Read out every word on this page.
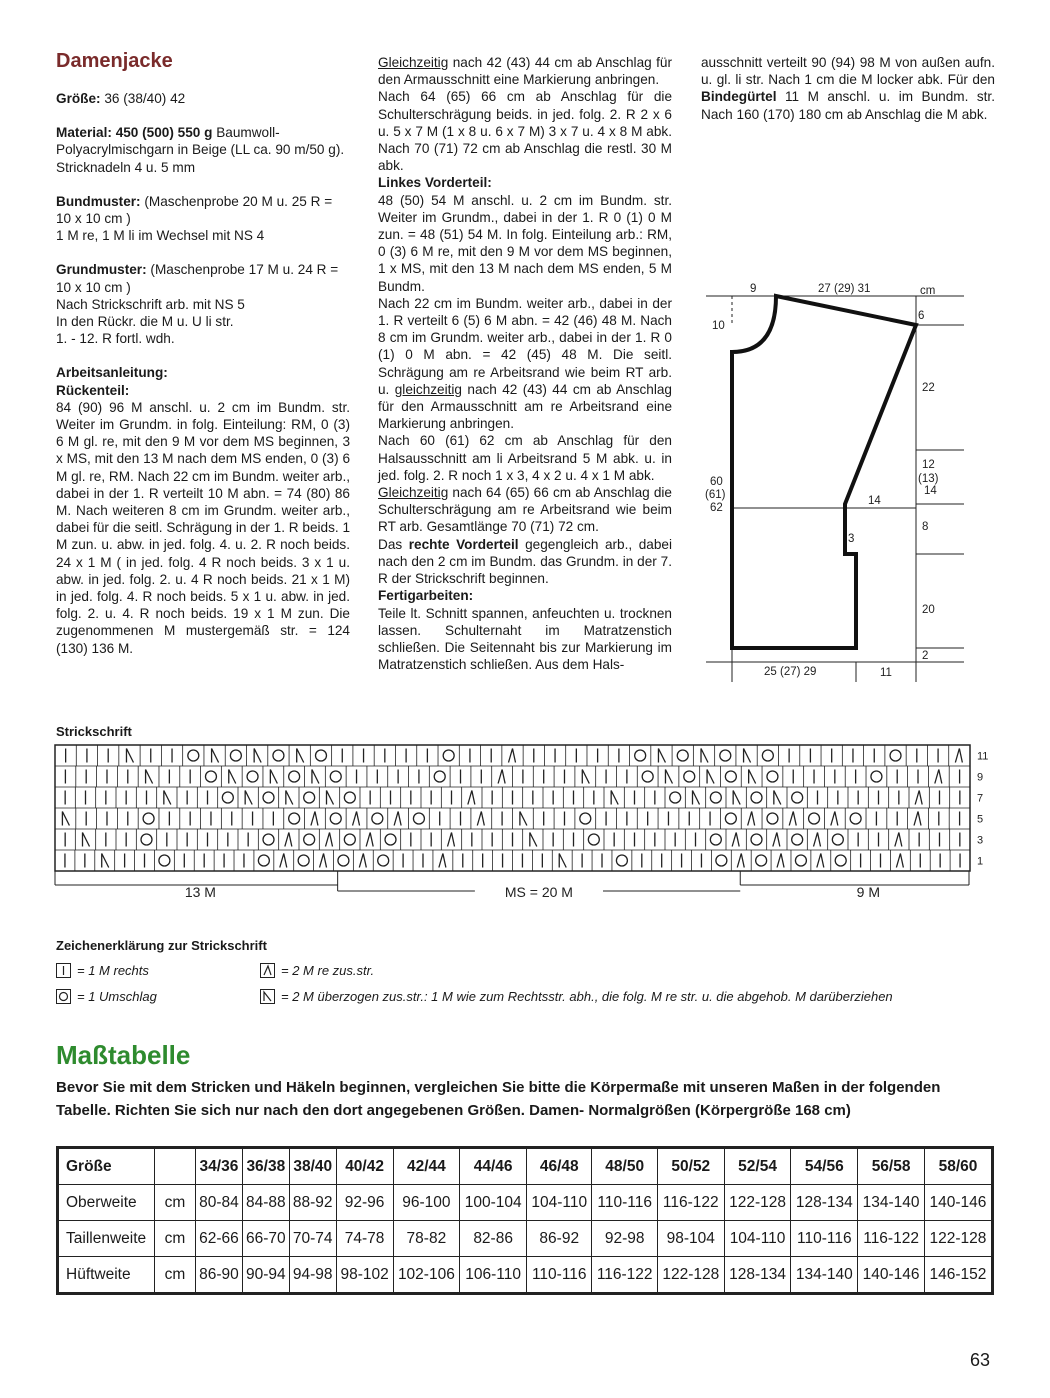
Damenjacke

Größe: 36 (38/40) 42

Material: 450 (500) 550 g Baumwoll-Polyacrylmischgarn in Beige (LL ca. 90 m/50 g). Stricknadeln 4 u. 5 mm

Bundmuster: (Maschenprobe 20 M u. 25 R = 10 x 10 cm )

1 M re, 1 M li im Wechsel mit NS 4

Grundmuster: (Maschenprobe 17 M u. 24 R = 10 x 10 cm )

Nach Strickschrift arb. mit NS 5

In den Rückr. die M u. U li str.

1. - 12. R fortl. wdh.

Arbeitsanleitung:

Rückenteil:

84 (90) 96 M anschl. u. 2 cm im Bundm. str. Weiter im Grundm. in folg. Einteilung: RM, 0 (3) 6 M gl. re, mit den 9 M vor dem MS beginnen, 3 x MS, mit den 13 M nach dem MS enden, 0 (3) 6 M gl. re, RM. Nach 22 cm im Bundm. weiter arb., dabei in der 1. R verteilt 10 M abn. = 74 (80) 86 M. Nach weiteren 8 cm im Grundm. weiter arb., dabei für die seitl. Schrägung in der 1. R beids. 1 M zun. u. abw. in jed. folg. 4. u. 2. R noch beids. 24 x 1 M ( in jed. folg. 4 R noch beids. 3 x 1 u. abw. in jed. folg. 2. u. 4 R noch beids. 21 x 1 M) in jed. folg. 4. R noch beids. 5 x 1 u. abw. in jed. folg. 2. u. 4. R noch beids. 19 x 1 M zun. Die zugenommenen M mustergemäß str. = 124 (130) 136 M.

Gleichzeitig nach 42 (43) 44 cm ab Anschlag für den Armausschnitt eine Markierung anbringen.

Nach 64 (65) 66 cm ab Anschlag für die Schulterschrägung beids. in jed. folg. 2. R 2 x 6 u. 5 x 7 M (1 x 8 u. 6 x 7 M) 3 x 7 u. 4 x 8 M abk. Nach 70 (71) 72 cm ab Anschlag die restl. 30 M abk.

Linkes Vorderteil:

48 (50) 54 M anschl. u. 2 cm im Bundm. str. Weiter im Grundm., dabei in der 1. R 0 (1) 0 M zun. = 48 (51) 54 M. In folg. Einteilung arb.: RM, 0 (3) 6 M re, mit den 9 M vor dem MS beginnen, 1 x MS, mit den 13 M nach dem MS enden, 5 M Bundm.

Nach 22 cm im Bundm. weiter arb., dabei in der 1. R verteilt 6 (5) 6 M abn. = 42 (46) 48 M. Nach 8 cm im Grundm. weiter arb., dabei in der 1. R 0 (1) 0 M abn. = 42 (45) 48 M. Die seitl. Schrägung am re Arbeitsrand wie beim RT arb. u. gleichzeitig nach 42 (43) 44 cm ab Anschlag für den Armausschnitt am re Arbeitsrand eine Markierung anbringen.

Nach 60 (61) 62 cm ab Anschlag für den Halsausschnitt am li Arbeitsrand 5 M abk. u. in jed. folg. 2. R noch 1 x 3, 4 x 2 u. 4 x 1 M abk.

Gleichzeitig nach 64 (65) 66 cm ab Anschlag die Schulterschrägung am re Arbeitsrand wie beim RT arb. Gesamtlänge 70 (71) 72 cm.

Das rechte Vorderteil gegengleich arb., dabei nach den 2 cm im Bundm. das Grundm. in der 7. R der Strickschrift beginnen.

Fertigarbeiten:

Teile lt. Schnitt spannen, anfeuchten u. trocknen lassen. Schulternaht im Matratzenstich schließen. Die Seitennaht bis zur Markierung im Matratzenstich schließen. Aus dem Hals-

ausschnitt verteilt 90 (94) 98 M von außen aufn. u. gl. li str. Nach 1 cm die M locker abk. Für den Bindegürtel 11 M anschl. u. im Bundm. str. Nach 160 (170) 180 cm ab Anschlag die M abk.

9	27 (29) 31	cm
10
6
22
12
(13)
14
14
60
(61)
62
8
3
20
2
25 (27) 29	11
Strickschrift
11
9
7
5
3
1
13 M	MS = 20 M	9 M
Zeichenerklärung zur Strickschrift
= 1 M rechts
= 1 Umschlag
= 2 M re zus.str.
= 2 M überzogen zus.str.: 1 M wie zum Rechtsstr. abh., die folg. M re str. u. die abgehob. M darüberziehen
Maßtabelle

Bevor Sie mit dem Stricken und Häkeln beginnen, vergleichen Sie bitte die Körpermaße mit unseren Maßen in der folgenden Tabelle. Richten Sie sich nur nach den dort angegebenen Größen. Damen- Normalgrößen (Körpergröße 168 cm)

Größe		34/36	36/38	38/40	40/42	42/44	44/46	46/48	48/50	50/52	52/54	54/56	56/58	58/60
Oberweite	cm	80-84	84-88	88-92	92-96	96-100	100-104	104-110	110-116	116-122	122-128	128-134	134-140	140-146
Taillenweite	cm	62-66	66-70	70-74	74-78	78-82	82-86	86-92	92-98	98-104	104-110	110-116	116-122	122-128
Hüftweite	cm	86-90	90-94	94-98	98-102	102-106	106-110	110-116	116-122	122-128	128-134	134-140	140-146	146-152
63
